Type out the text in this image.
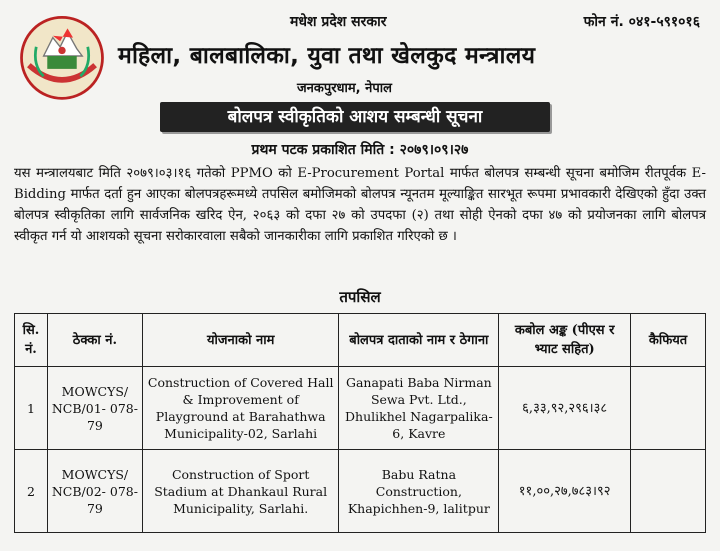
मधेश प्रदेश सरकार	फोन नं. ०४१-५९१०१६
महिला, बालबालिका, युवा तथा खेलकुद मन्त्रालय
जनकपुरधाम, नेपाल
बोलपत्र स्वीकृतिको आशय सम्बन्धी सूचना
प्रथम पटक प्रकाशित मिति : २०७९।०९।२७
यस मन्त्रालयबाट मिति २०७९।०३।१६ गतेको PPMO को E-Procurement Portal मार्फत बोलपत्र सम्बन्धी सूचना बमोजिम रीतपूर्वक E-Bidding मार्फत दर्ता हुन आएका बोलपत्रहरूमध्ये तपसिल बमोजिमको बोलपत्र न्यूनतम मूल्याङ्कित सारभूत रूपमा प्रभावकारी देखिएको हुँदा उक्त बोलपत्र स्वीकृतिका लागि सार्वजनिक खरिद ऐन, २०६३ को दफा २७ को उपदफा (२) तथा सोही ऐनको दफा ४७ को प्रयोजनका लागि बोलपत्र स्वीकृत गर्न यो आशयको सूचना सरोकारवाला सबैको जानकारीका लागि प्रकाशित गरिएको छ ।
तपसिल
सि. नं.	ठेक्का नं.	योजनाको नाम	बोलपत्र दाताको नाम र ठेगाना	कबोल अङ्क (पीएस र भ्याट सहित)	कैफियत
1	MOWCYS/ NCB/01- 078-79	Construction of Covered Hall & Improvement of Playground at Barahathwa Municipality-02, Sarlahi	Ganapati Baba Nirman Sewa Pvt. Ltd., Dhulikhel Nagarpalika-6, Kavre	६,३३,९२,२९६।३८	
2	MOWCYS/ NCB/02- 078-79	Construction of Sport Stadium at Dhankaul Rural Municipality, Sarlahi.	Babu Ratna Construction, Khapichhen-9, lalitpur	११,००,२७,७८३।९२	
